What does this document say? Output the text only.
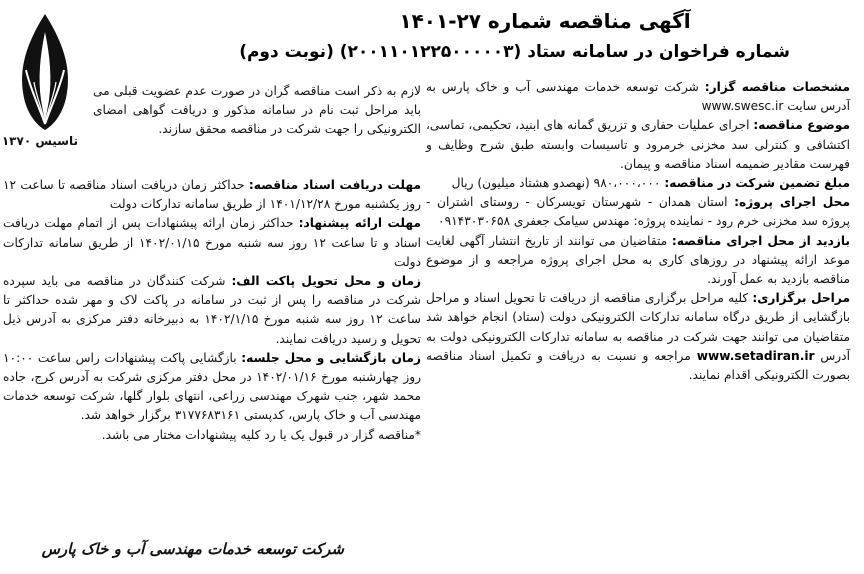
آگهی مناقصه شماره ۲۷-۱۴۰۱
شماره فراخوان در سامانه ستاد (۲۰۰۱۱۰۱۲۲۵۰۰۰۰۰۳) (نوبت دوم)
تاسیس ۱۳۷۰

مشخصات مناقصه گزار: شرکت توسعه خدمات مهندسی آب و خاک پارس به آدرس سایت www.swesc.ir

موضوع مناقصه: اجرای عملیات حفاری و تزریق گمانه های ابنید، تحکیمی، تماسی، اکتشافی و کنترلی سد مخزنی خرمرود و تاسیسات وابسته طبق شرح وظایف و فهرست مقادیر ضمیمه اسناد مناقصه و پیمان.

مبلغ تضمین شرکت در مناقصه: ۹۸۰،۰۰۰،۰۰۰ (نهصدو هشتاد میلیون) ریال

محل اجرای پروژه: استان همدان - شهرستان تویسرکان - روستای اشتران - پروژه سد مخزنی خرم رود - نماینده پروژه: مهندس سیامک جعفری ۰۹۱۴۳۰۳۰۶۵۸

بازدید از محل اجرای مناقصه: متقاضیان می توانند از تاریخ انتشار آگهی لغایت موعد ارائه پیشنهاد در روزهای کاری به محل اجرای پروژه مراجعه و از موضوع مناقصه بازدید به عمل آورند.

مراحل برگزاری: کلیه مراحل برگزاری مناقصه از دریافت تا تحویل اسناد و مراحل بازگشایی از طریق درگاه سامانه تدارکات الکترونیکی دولت (ستاد) انجام خواهد شد متقاضیان می توانند جهت شرکت در مناقصه به سامانه تدارکات الکترونیکی دولت به آدرس www.setadiran.ir مراجعه و نسبت به دریافت و تکمیل اسناد مناقصه بصورت الکترونیکی اقدام نمایند.

لازم به ذکر است مناقصه گران در صورت عدم عضویت قبلی می باید مراحل ثبت نام در سامانه مذکور و دریافت گواهی امضای الکترونیکی را جهت شرکت در مناقصه محقق سازند.

مهلت دریافت اسناد مناقصه: حداکثر زمان دریافت اسناد مناقصه تا ساعت ۱۲ روز یکشنبه مورخ ۱۴۰۱/۱۲/۲۸ از طریق سامانه تدارکات دولت

مهلت ارائه پیشنهاد: حداکثر زمان ارائه پیشنهادات پس از اتمام مهلت دریافت اسناد و تا ساعت ۱۲ روز سه شنبه مورخ ۱۴۰۲/۰۱/۱۵ از طریق سامانه تدارکات دولت

زمان و محل تحویل پاکت الف: شرکت کنندگان در مناقصه می باید سپرده شرکت در مناقصه را پس از ثبت در سامانه در پاکت لاک و مهر شده حداکثر تا ساعت ۱۲ روز سه شنبه مورخ ۱۴۰۲/۱/۱۵ به دبیرخانه دفتر مرکزی به آدرس ذیل تحویل و رسید دریافت نمایند.

زمان بازگشایی و محل جلسه: بازگشایی پاکت پیشنهادات راس ساعت ۱۰:۰۰ روز چهارشنبه مورخ ۱۴۰۲/۰۱/۱۶ در محل دفتر مرکزی شرکت به آدرس کرج، جاده محمد شهر، جنب شهرک مهندسی زراعی، انتهای بلوار گلها، شرکت توسعه خدمات مهندسی آب و خاک پارس، کدپستی ۳۱۷۷۶۸۳۱۶۱ برگزار خواهد شد.

*مناقصه گزار در قبول یک یا رد کلیه پیشنهادات مختار می باشد.

شرکت توسعه خدمات مهندسی آب و خاک پارس
